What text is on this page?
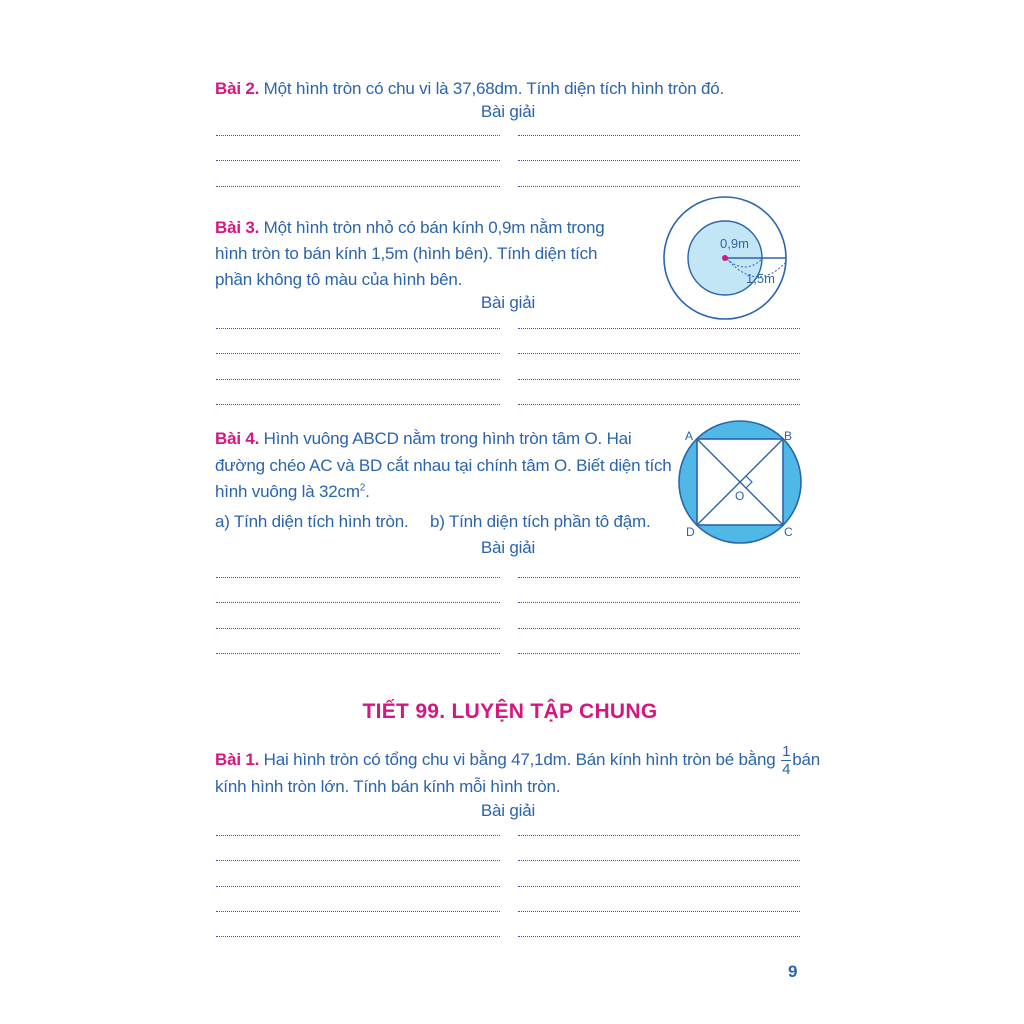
Bài 2. Một hình tròn có chu vi là 37,68dm. Tính diện tích hình tròn đó.
Bài giải
Bài 3. Một hình tròn nhỏ có bán kính 0,9m nằm trong
hình tròn to bán kính 1,5m (hình bên). Tính diện tích
phần không tô màu của hình bên.
Bài giải
0,9m
1,5m
Bài 4. Hình vuông ABCD nằm trong hình tròn tâm O. Hai
đường chéo AC và BD cắt nhau tại chính tâm O. Biết diện tích
hình vuông là $32cm^2$.
a) Tính diện tích hình tròn. b) Tính diện tích phần tô đậm.
Bài giải
A	B
C
D
O
TIẾT 99. LUYỆN TẬP CHUNG
Bài 1. Hai hình tròn có tổng chu vi bằng 47,1dm. Bán kính hình tròn bé bằng $\frac{1}{4}$ bán
kính hình tròn lớn. Tính bán kính mỗi hình tròn.
Bài giải
9
